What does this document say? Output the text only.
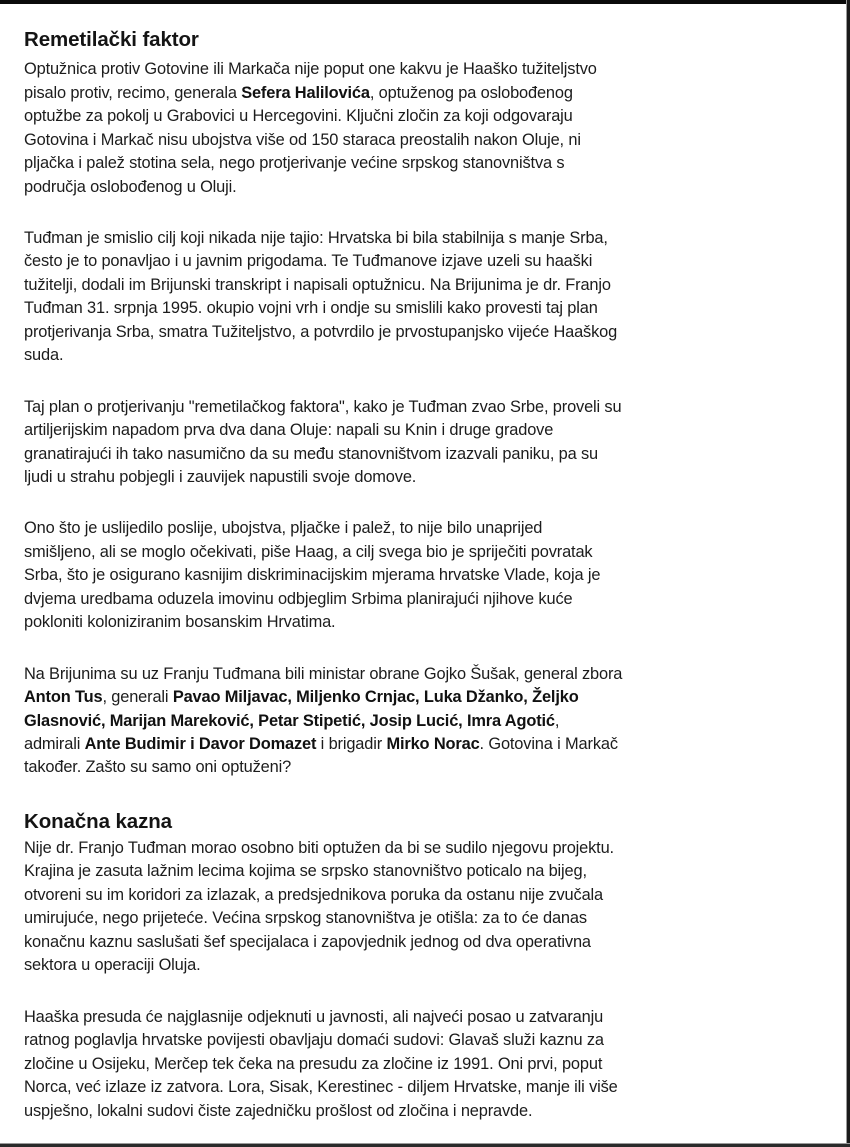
Remetilački faktor

Optužnica protiv Gotovine ili Markača nije poput one kakvu je Haaško tužiteljstvo

pisalo protiv, recimo, generala Sefera Halilovića, optuženog pa oslobođenog

optužbe za pokolj u Grabovici u Hercegovini. Ključni zločin za koji odgovaraju

Gotovina i Markač nisu ubojstva više od 150 staraca preostalih nakon Oluje, ni

pljačka i palež stotina sela, nego protjerivanje većine srpskog stanovništva s

područja oslobođenog u Oluji.

Tuđman je smislio cilj koji nikada nije tajio: Hrvatska bi bila stabilnija s manje Srba,

često je to ponavljao i u javnim prigodama. Te Tuđmanove izjave uzeli su haaški

tužitelji, dodali im Brijunski transkript i napisali optužnicu. Na Brijunima je dr. Franjo

Tuđman 31. srpnja 1995. okupio vojni vrh i ondje su smislili kako provesti taj plan

protjerivanja Srba, smatra Tužiteljstvo, a potvrdilo je prvostupanjsko vijeće Haaškog

suda.

Taj plan o protjerivanju "remetilačkog faktora", kako je Tuđman zvao Srbe, proveli su

artiljerijskim napadom prva dva dana Oluje: napali su Knin i druge gradove

granatirajući ih tako nasumično da su među stanovništvom izazvali paniku, pa su

ljudi u strahu pobjegli i zauvijek napustili svoje domove.

Ono što je uslijedilo poslije, ubojstva, pljačke i palež, to nije bilo unaprijed

smišljeno, ali se moglo očekivati, piše Haag, a cilj svega bio je spriječiti povratak

Srba, što je osigurano kasnijim diskriminacijskim mjerama hrvatske Vlade, koja je

dvjema uredbama oduzela imovinu odbjeglim Srbima planirajući njihove kuće

pokloniti koloniziranim bosanskim Hrvatima.

Na Brijunima su uz Franju Tuđmana bili ministar obrane Gojko Šušak, general zbora

Anton Tus, generali Pavao Miljavac, Miljenko Crnjac, Luka Džanko, Željko

Glasnović, Marijan Mareković, Petar Stipetić, Josip Lucić, Imra Agotić,

admirali Ante Budimir i Davor Domazet i brigadir Mirko Norac. Gotovina i Markač

također. Zašto su samo oni optuženi?

Konačna kazna

Nije dr. Franjo Tuđman morao osobno biti optužen da bi se sudilo njegovu projektu.

Krajina je zasuta lažnim lecima kojima se srpsko stanovništvo poticalo na bijeg,

otvoreni su im koridori za izlazak, a predsjednikova poruka da ostanu nije zvučala

umirujuće, nego prijeteće. Većina srpskog stanovništva je otišla: za to će danas

konačnu kaznu saslušati šef specijalaca i zapovjednik jednog od dva operativna

sektora u operaciji Oluja.

Haaška presuda će najglasnije odjeknuti u javnosti, ali najveći posao u zatvaranju

ratnog poglavlja hrvatske povijesti obavljaju domaći sudovi: Glavaš služi kaznu za

zločine u Osijeku, Merčep tek čeka na presudu za zločine iz 1991. Oni prvi, poput

Norca, već izlaze iz zatvora. Lora, Sisak, Kerestinec - diljem Hrvatske, manje ili više

uspješno, lokalni sudovi čiste zajedničku prošlost od zločina i nepravde.
